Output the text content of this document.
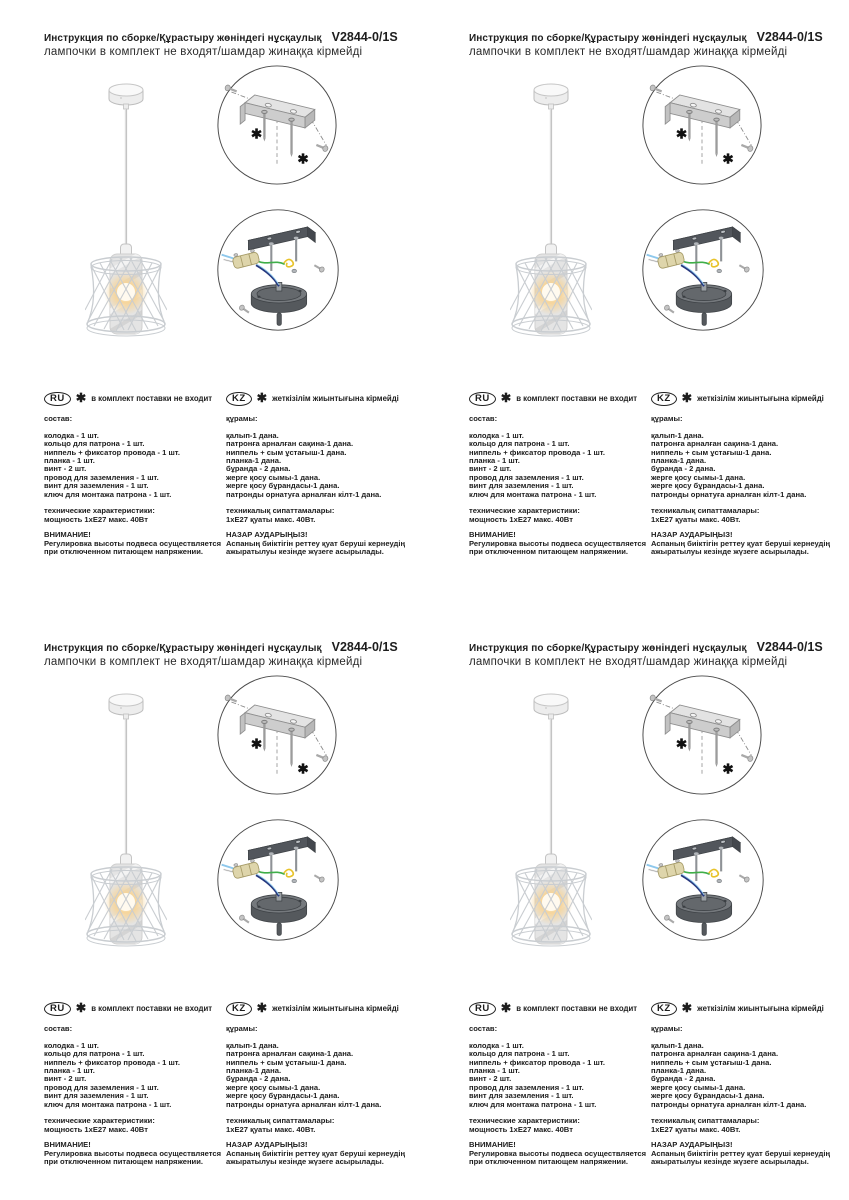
Инструкция по сборке/Құрастыру жөніндегі нұсқаулық V2844-0/1S
лампочки в комплект не входят/шамдар жинаққа кірмейді
✱
✱
RU ✱ в комплект поставки не входит
состав:
колодка - 1 шт.
кольцо для патрона - 1 шт.
ниппель + фиксатор провода - 1 шт.
планка - 1 шт.
винт - 2 шт.
провод для заземления - 1 шт.
винт для заземления - 1 шт.
ключ для монтажа патрона - 1 шт.
технические характеристики:
мощность 1хЕ27 макс. 40Вт
ВНИМАНИЕ!
Регулировка высоты подвеса осуществляется при отключенном питающем напряжении.
KZ ✱ жеткізілім жиынтығына кірмейді
құрамы:
қалып-1 дана.
патронға арналған сақина-1 дана.
ниппель + сым ұстағыш-1 дана.
планка-1 дана.
бұранда - 2 дана.
жерге қосу сымы-1 дана.
жерге қосу бұрандасы-1 дана.
патронды орнатуға арналған кілт-1 дана.
техникалық сипаттамалары:
1хЕ27 қуаты макс. 40Вт.
НАЗАР АУДАРЫҢЫЗ!
Аспаның биіктігін реттеу қуат беруші кернеудің ажыратылуы кезінде жүзеге асырылады.
Инструкция по сборке/Құрастыру жөніндегі нұсқаулық V2844-0/1S
лампочки в комплект не входят/шамдар жинаққа кірмейді
✱
✱
RU ✱ в комплект поставки не входит
состав:
колодка - 1 шт.
кольцо для патрона - 1 шт.
ниппель + фиксатор провода - 1 шт.
планка - 1 шт.
винт - 2 шт.
провод для заземления - 1 шт.
винт для заземления - 1 шт.
ключ для монтажа патрона - 1 шт.
технические характеристики:
мощность 1хЕ27 макс. 40Вт
ВНИМАНИЕ!
Регулировка высоты подвеса осуществляется при отключенном питающем напряжении.
KZ ✱ жеткізілім жиынтығына кірмейді
құрамы:
қалып-1 дана.
патронға арналған сақина-1 дана.
ниппель + сым ұстағыш-1 дана.
планка-1 дана.
бұранда - 2 дана.
жерге қосу сымы-1 дана.
жерге қосу бұрандасы-1 дана.
патронды орнатуға арналған кілт-1 дана.
техникалық сипаттамалары:
1хЕ27 қуаты макс. 40Вт.
НАЗАР АУДАРЫҢЫЗ!
Аспаның биіктігін реттеу қуат беруші кернеудің ажыратылуы кезінде жүзеге асырылады.
Инструкция по сборке/Құрастыру жөніндегі нұсқаулық V2844-0/1S
лампочки в комплект не входят/шамдар жинаққа кірмейді
✱
✱
RU ✱ в комплект поставки не входит
состав:
колодка - 1 шт.
кольцо для патрона - 1 шт.
ниппель + фиксатор провода - 1 шт.
планка - 1 шт.
винт - 2 шт.
провод для заземления - 1 шт.
винт для заземления - 1 шт.
ключ для монтажа патрона - 1 шт.
технические характеристики:
мощность 1хЕ27 макс. 40Вт
ВНИМАНИЕ!
Регулировка высоты подвеса осуществляется при отключенном питающем напряжении.
KZ ✱ жеткізілім жиынтығына кірмейді
құрамы:
қалып-1 дана.
патронға арналған сақина-1 дана.
ниппель + сым ұстағыш-1 дана.
планка-1 дана.
бұранда - 2 дана.
жерге қосу сымы-1 дана.
жерге қосу бұрандасы-1 дана.
патронды орнатуға арналған кілт-1 дана.
техникалық сипаттамалары:
1хЕ27 қуаты макс. 40Вт.
НАЗАР АУДАРЫҢЫЗ!
Аспаның биіктігін реттеу қуат беруші кернеудің ажыратылуы кезінде жүзеге асырылады.
Инструкция по сборке/Құрастыру жөніндегі нұсқаулық V2844-0/1S
лампочки в комплект не входят/шамдар жинаққа кірмейді
✱
✱
RU ✱ в комплект поставки не входит
состав:
колодка - 1 шт.
кольцо для патрона - 1 шт.
ниппель + фиксатор провода - 1 шт.
планка - 1 шт.
винт - 2 шт.
провод для заземления - 1 шт.
винт для заземления - 1 шт.
ключ для монтажа патрона - 1 шт.
технические характеристики:
мощность 1хЕ27 макс. 40Вт
ВНИМАНИЕ!
Регулировка высоты подвеса осуществляется при отключенном питающем напряжении.
KZ ✱ жеткізілім жиынтығына кірмейді
құрамы:
қалып-1 дана.
патронға арналған сақина-1 дана.
ниппель + сым ұстағыш-1 дана.
планка-1 дана.
бұранда - 2 дана.
жерге қосу сымы-1 дана.
жерге қосу бұрандасы-1 дана.
патронды орнатуға арналған кілт-1 дана.
техникалық сипаттамалары:
1хЕ27 қуаты макс. 40Вт.
НАЗАР АУДАРЫҢЫЗ!
Аспаның биіктігін реттеу қуат беруші кернеудің ажыратылуы кезінде жүзеге асырылады.
